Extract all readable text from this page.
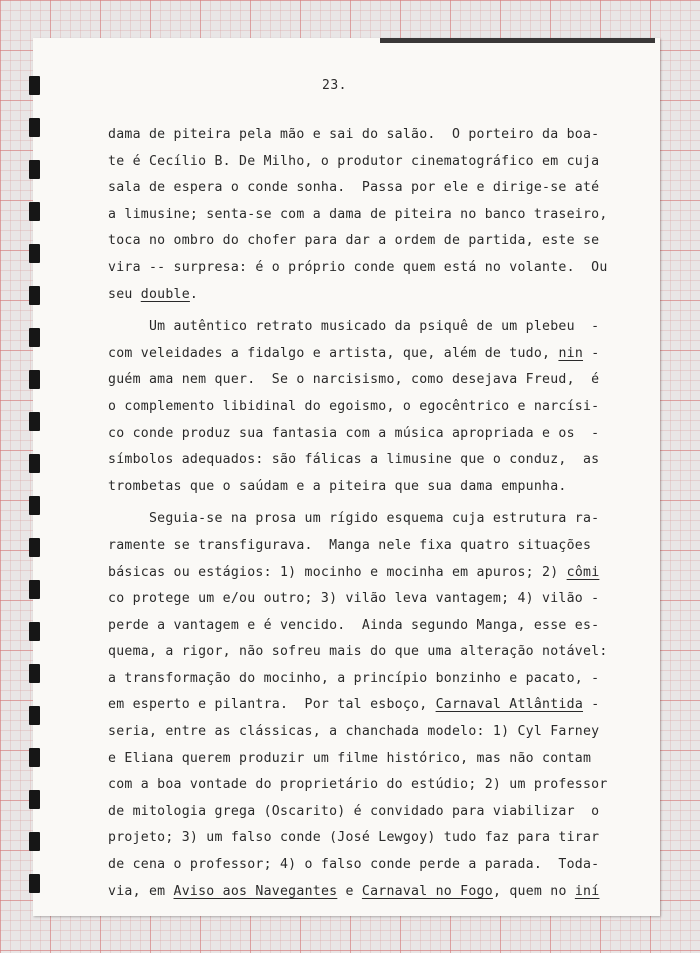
23.
dama de piteira pela mão e sai do salão.  O porteiro da boa-
te é Cecílio B. De Milho, o produtor cinematográfico em cuja
sala de espera o conde sonha.  Passa por ele e dirige-se até
a limusine; senta-se com a dama de piteira no banco traseiro,
toca no ombro do chofer para dar a ordem de partida, este se
vira -- surpresa: é o próprio conde quem está no volante.  Ou
seu double.
Um autêntico retrato musicado da psiquê de um plebeu  -
com veleidades a fidalgo e artista, que, além de tudo, nin -
guém ama nem quer.  Se o narcisismo, como desejava Freud,  é
o complemento libidinal do egoismo, o egocêntrico e narcísi-
co conde produz sua fantasia com a música apropriada e os  -
símbolos adequados: são fálicas a limusine que o conduz,  as
trombetas que o saúdam e a piteira que sua dama empunha.
Seguia-se na prosa um rígido esquema cuja estrutura ra-
ramente se transfigurava.  Manga nele fixa quatro situações
básicas ou estágios: 1) mocinho e mocinha em apuros; 2) cômi
co protege um e/ou outro; 3) vilão leva vantagem; 4) vilão -
perde a vantagem e é vencido.  Ainda segundo Manga, esse es-
quema, a rigor, não sofreu mais do que uma alteração notável:
a transformação do mocinho, a princípio bonzinho e pacato, -
em esperto e pilantra.  Por tal esboço, Carnaval Atlântida -
seria, entre as clássicas, a chanchada modelo: 1) Cyl Farney
e Eliana querem produzir um filme histórico, mas não contam
com a boa vontade do proprietário do estúdio; 2) um professor
de mitologia grega (Oscarito) é convidado para viabilizar  o
projeto; 3) um falso conde (José Lewgoy) tudo faz para tirar
de cena o professor; 4) o falso conde perde a parada.  Toda-
via, em Aviso aos Navegantes e Carnaval no Fogo, quem no iní
